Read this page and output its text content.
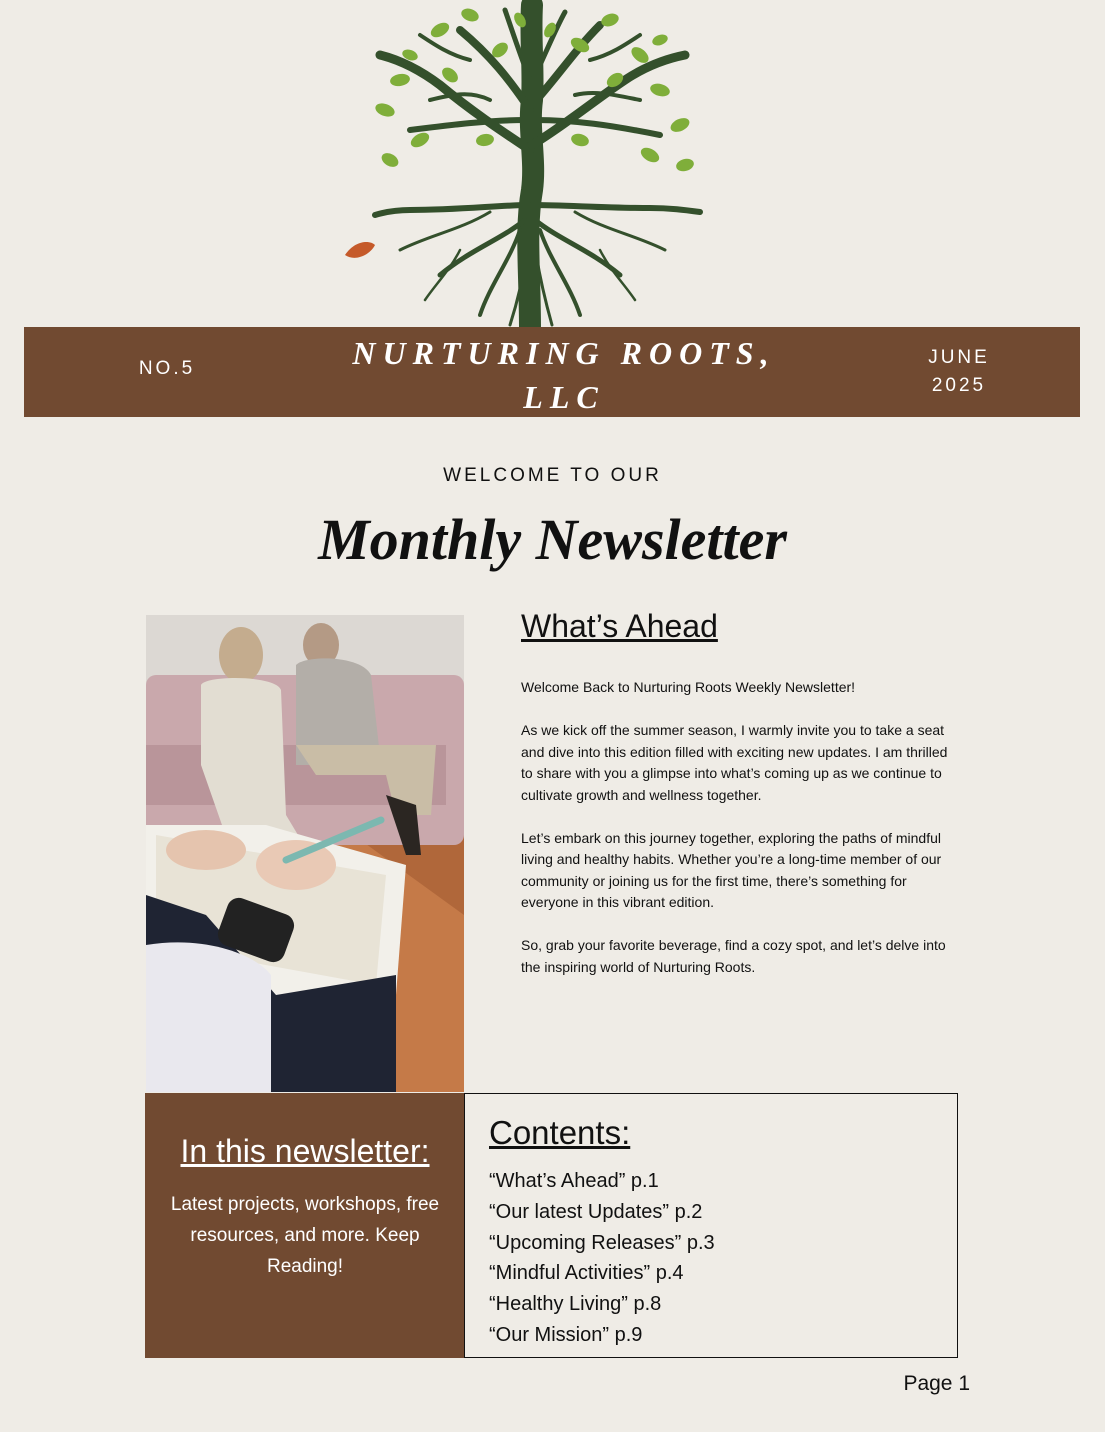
NO.5	NURTURING ROOTS,
LLC
JUNE
2025
WELCOME TO OUR
Monthly Newsletter
What’s Ahead

Welcome Back to Nurturing Roots Weekly Newsletter!

As we kick off the summer season, I warmly invite you to take a seat and dive into this edition filled with exciting new updates. I am thrilled to share with you a glimpse into what’s coming up as we continue to cultivate growth and wellness together.

Let’s embark on this journey together, exploring the paths of mindful living and healthy habits. Whether you’re a long-time member of our community or joining us for the first time, there’s something for everyone in this vibrant edition.

So, grab your favorite beverage, find a cozy spot, and let’s delve into the inspiring world of Nurturing Roots.

In this newsletter:

Latest projects, workshops, free resources, and more. Keep Reading!

Contents:
“What’s Ahead” p.1
“Our latest Updates” p.2
“Upcoming Releases” p.3
“Mindful Activities” p.4
“Healthy Living” p.8
“Our Mission” p.9
Page 1
